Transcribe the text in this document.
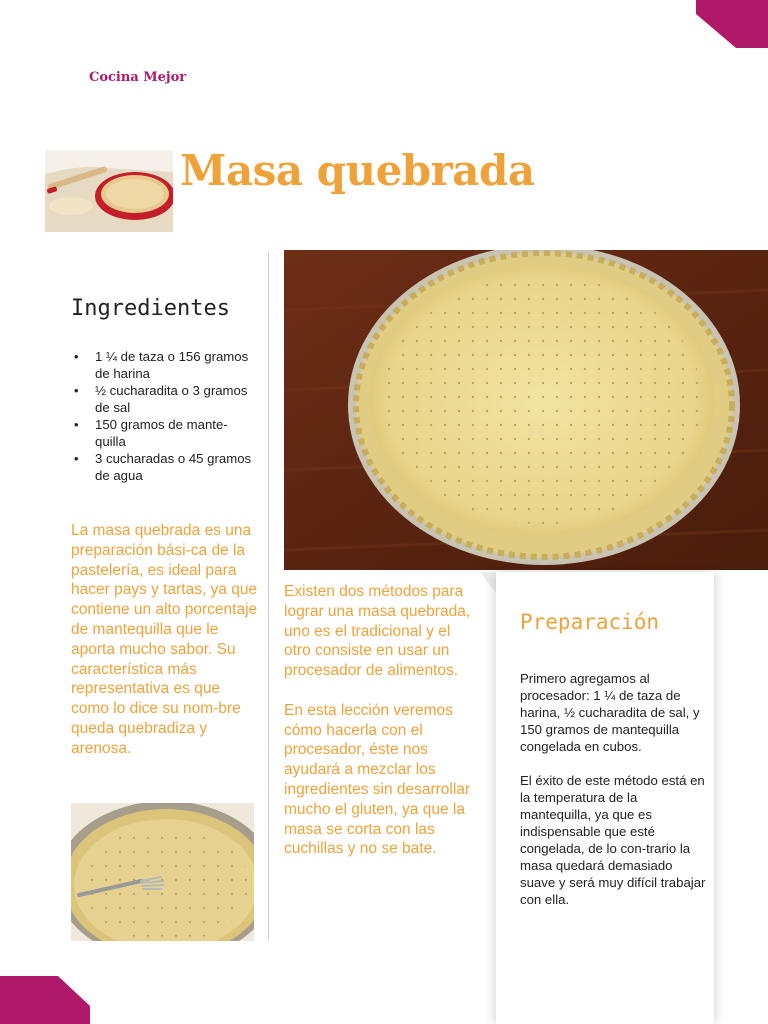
Cocina Mejor
Masa quebrada
Ingredientes
• 1 ¼ de taza o 156 gramos de harina
• ½ cucharadita o 3 gramos de sal
• 150 gramos de mante-quilla
• 3 cucharadas o 45 gramos de agua

La masa quebrada es una preparación bási-ca de la pastelería, es ideal para hacer pays y tartas, ya que contiene un alto porcentaje de mantequilla que le aporta mucho sabor. Su característica más representativa es que como lo dice su nom-bre queda quebradiza y arenosa.

Existen dos métodos para lograr una masa quebrada, uno es el tradicional y el otro consiste en usar un procesador de alimentos.

En esta lección veremos cómo hacerla con el procesador, éste nos ayudará a mezclar los ingredientes sin desarrollar mucho el gluten, ya que la masa se corta con las cuchillas y no se bate.

Preparación

Primero agregamos al procesador: 1 ¼ de taza de harina, ½ cucharadita de sal, y 150 gramos de mantequilla congelada en cubos.

El éxito de este método está en la temperatura de la mantequilla, ya que es indispensable que esté congelada, de lo con-trario la masa quedará demasiado suave y será muy difícil trabajar con ella.
